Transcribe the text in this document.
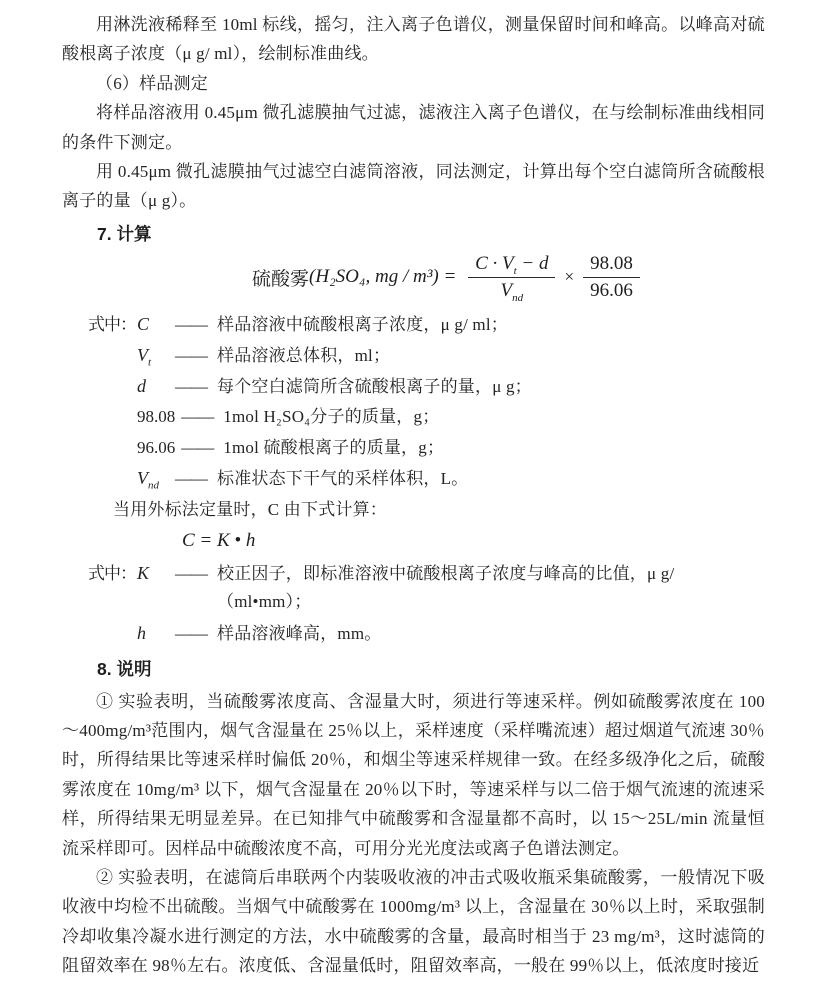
用淋洗液稀释至 10ml 标线，摇匀，注入离子色谱仪，测量保留时间和峰高。以峰高对硫酸根离子浓度（μ g/ ml），绘制标准曲线。

（6）样品测定

将样品溶液用 0.45μm 微孔滤膜抽气过滤，滤液注入离子色谱仪，在与绘制标准曲线相同的条件下测定。

用 0.45μm 微孔滤膜抽气过滤空白滤筒溶液，同法测定，计算出每个空白滤筒所含硫酸根离子的量（μ g）。

7. 计算
硫酸雾 (H₂SO₄, mg / $m^3) = \frac{C \cdot V_t - d}{V_{nd}} \times \frac{98.08}{96.06}$
式中： C	—— 样品溶液中硫酸根离子浓度，μ g/ ml；
$V_t$	—— 样品溶液总体积，ml；
d	—— 每个空白滤筒所含硫酸根离子的量，μ g；
98.08 —— 1mol H₂SO₄分子的质量，g；
96.06 —— 1mol 硫酸根离子的质量，g；
$V_{nd}$ —— 标准状态下干气的采样体积，L。

当用外标法定量时，C 由下式计算：

C = K • h
式中： K	—— 校正因子，即标准溶液中硫酸根离子浓度与峰高的比值，μ g/ （ml•mm）；
h	—— 样品溶液峰高，mm。
8. 说明

① 实验表明，当硫酸雾浓度高、含湿量大时，须进行等速采样。例如硫酸雾浓度在 100～400mg/m³范围内，烟气含湿量在 25％以上，采样速度（采样嘴流速）超过烟道气流速 30％时，所得结果比等速采样时偏低 20％，和烟尘等速采样规律一致。在经多级净化之后，硫酸雾浓度在 10mg/m³ 以下，烟气含湿量在 20％以下时，等速采样与以二倍于烟气流速的流速采样，所得结果无明显差异。在已知排气中硫酸雾和含湿量都不高时，以 15～25L/min 流量恒流采样即可。因样品中硫酸浓度不高，可用分光光度法或离子色谱法测定。

② 实验表明，在滤筒后串联两个内装吸收液的冲击式吸收瓶采集硫酸雾，一般情况下吸收液中均检不出硫酸。当烟气中硫酸雾在 1000mg/m³ 以上，含湿量在 30％以上时，采取强制冷却收集冷凝水进行测定的方法，水中硫酸雾的含量，最高时相当于 23 mg/m³，这时滤筒的阻留效率在 98％左右。浓度低、含湿量低时，阻留效率高，一般在 99％以上，低浓度时接近
